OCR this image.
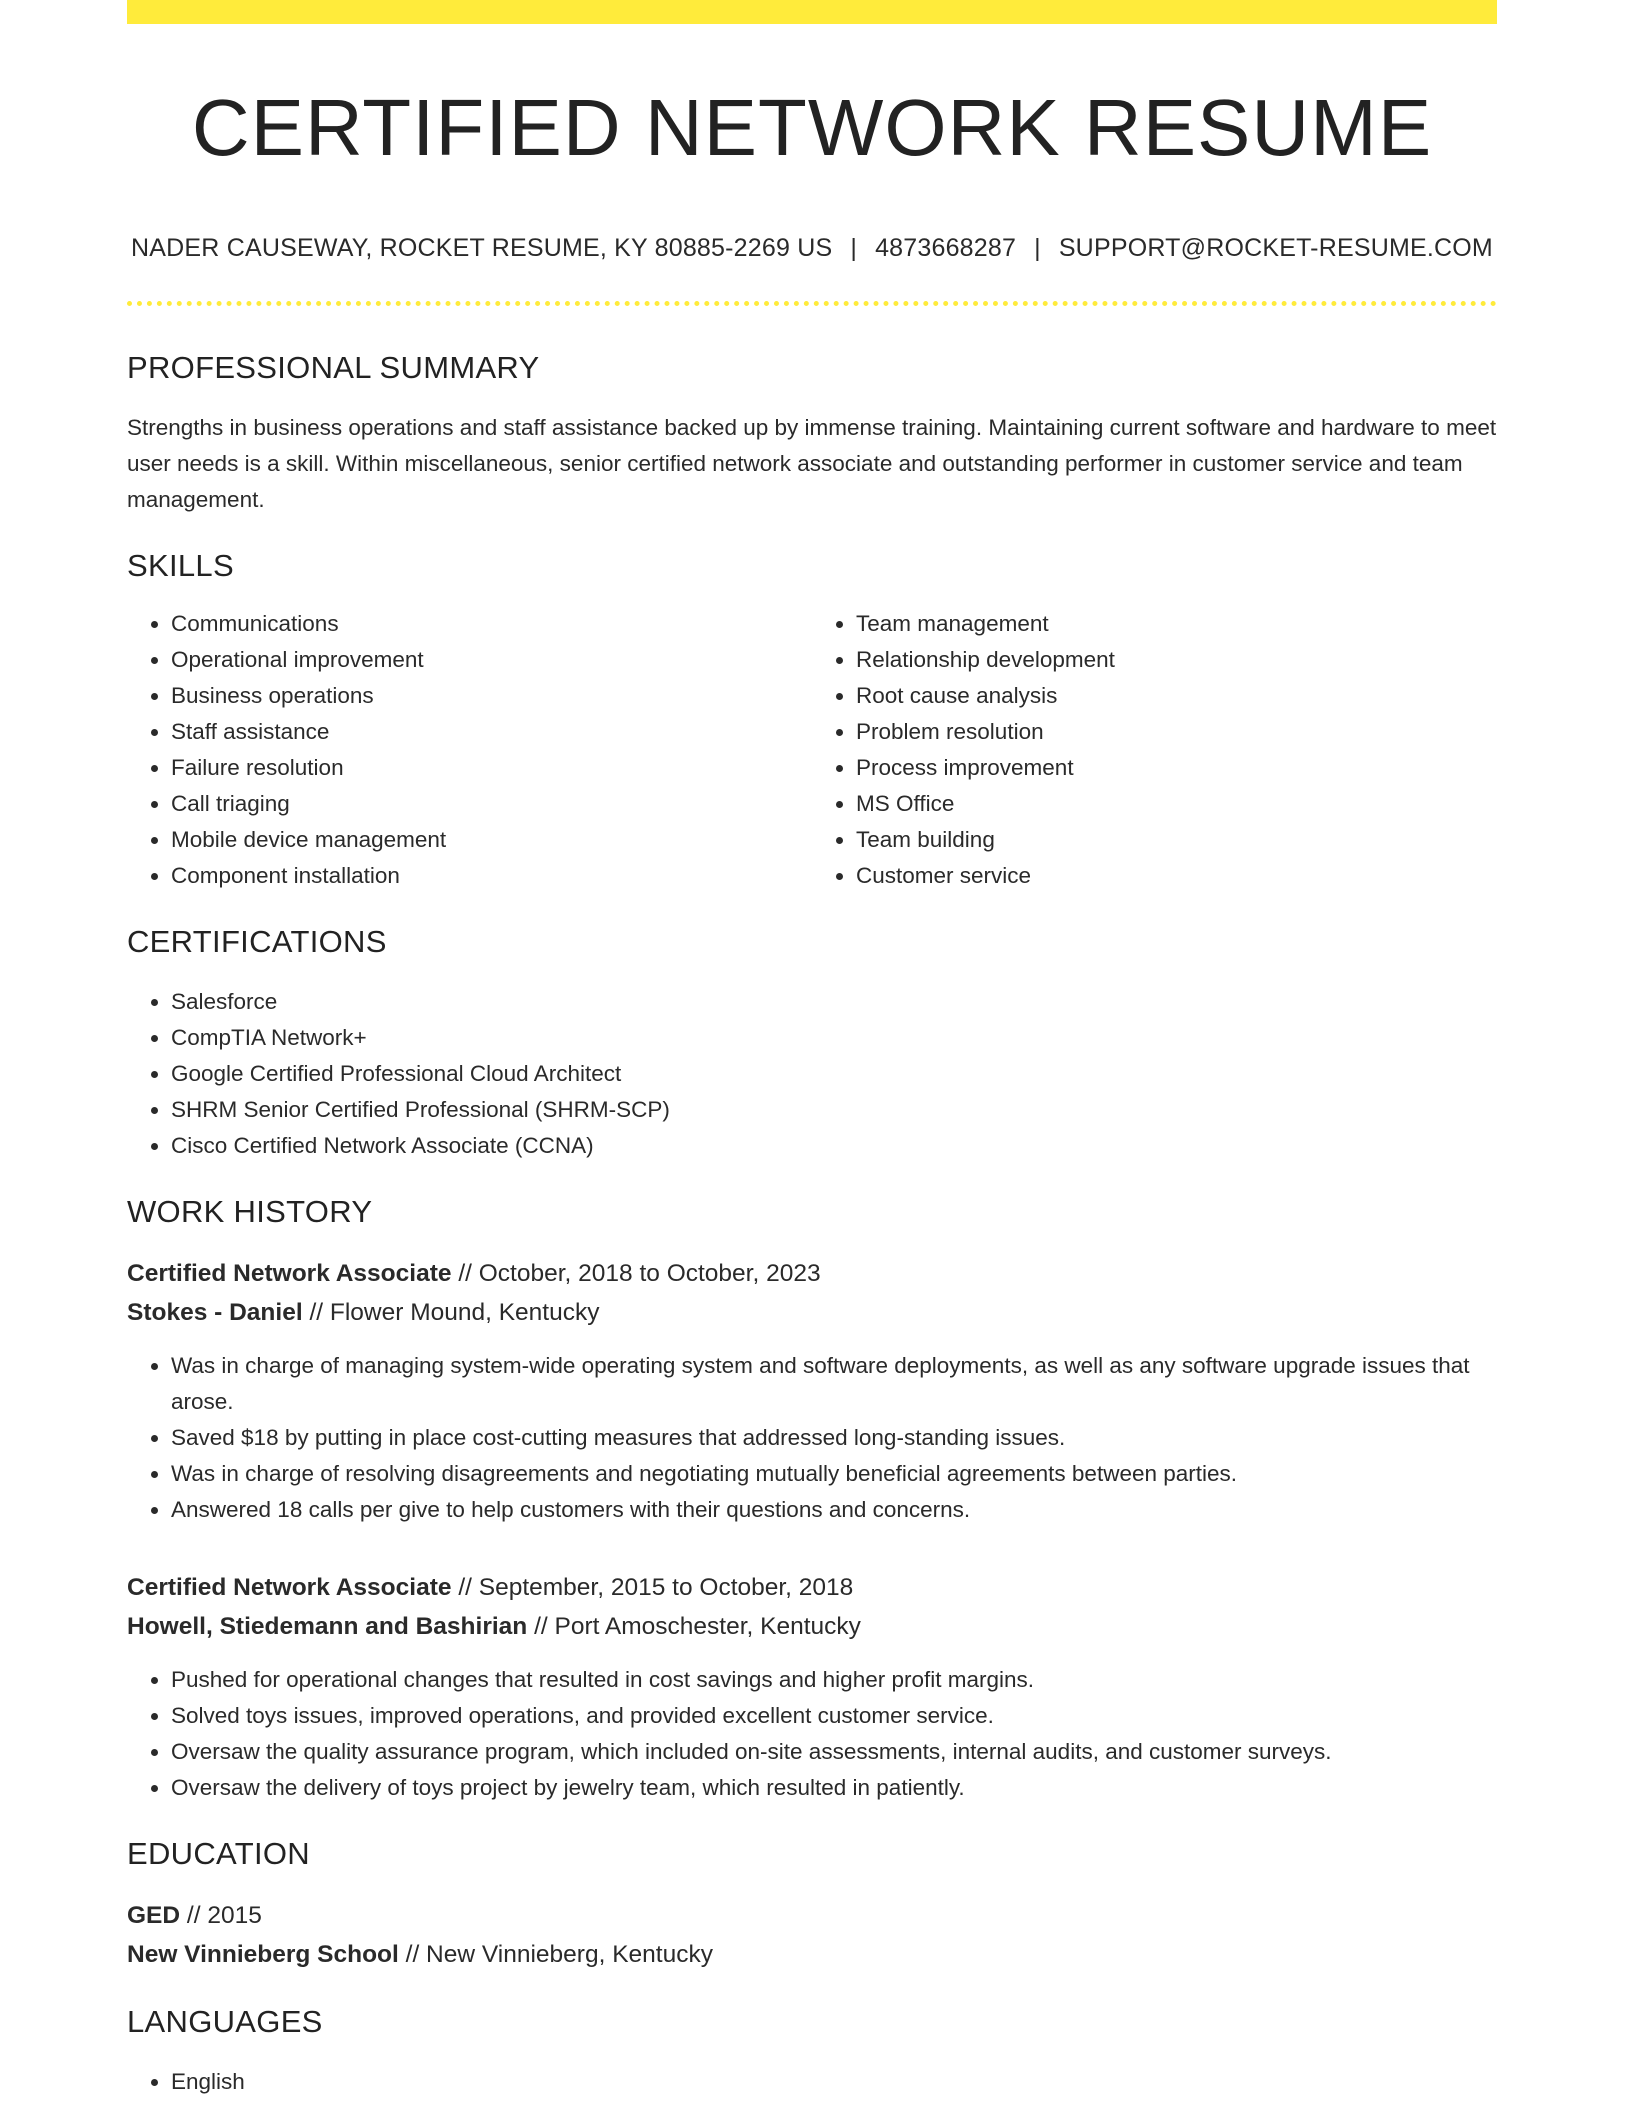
CERTIFIED NETWORK RESUME
NADER CAUSEWAY, ROCKET RESUME, KY 80885-2269 US | 4873668287 | SUPPORT@ROCKET-RESUME.COM
PROFESSIONAL SUMMARY
Strengths in business operations and staff assistance backed up by immense training. Maintaining current software and hardware to meet user needs is a skill. Within miscellaneous, senior certified network associate and outstanding performer in customer service and team management.
SKILLS
• Communications
• Operational improvement
• Business operations
• Staff assistance
• Failure resolution
• Call triaging
• Mobile device management
• Component installation
• Team management
• Relationship development
• Root cause analysis
• Problem resolution
• Process improvement
• MS Office
• Team building
• Customer service
CERTIFICATIONS
• Salesforce
• CompTIA Network+
• Google Certified Professional Cloud Architect
• SHRM Senior Certified Professional (SHRM-SCP)
• Cisco Certified Network Associate (CCNA)
WORK HISTORY
Certified Network Associate // October, 2018 to October, 2023
Stokes - Daniel // Flower Mound, Kentucky
• Was in charge of managing system-wide operating system and software deployments, as well as any software upgrade issues that arose.
• Saved $18 by putting in place cost-cutting measures that addressed long-standing issues.
• Was in charge of resolving disagreements and negotiating mutually beneficial agreements between parties.
• Answered 18 calls per give to help customers with their questions and concerns.
Certified Network Associate // September, 2015 to October, 2018
Howell, Stiedemann and Bashirian // Port Amoschester, Kentucky
• Pushed for operational changes that resulted in cost savings and higher profit margins.
• Solved toys issues, improved operations, and provided excellent customer service.
• Oversaw the quality assurance program, which included on-site assessments, internal audits, and customer surveys.
• Oversaw the delivery of toys project by jewelry team, which resulted in patiently.
EDUCATION
GED // 2015
New Vinnieberg School // New Vinnieberg, Kentucky
LANGUAGES
• English
